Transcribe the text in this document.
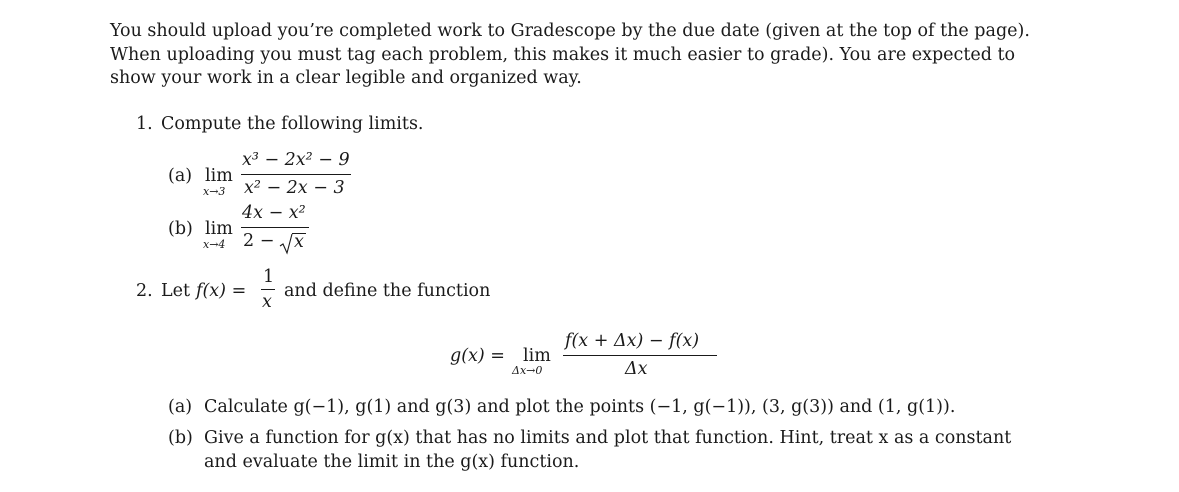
You should upload you’re completed work to Gradescope by the due date (given at the top of the page).
When uploading you must tag each problem, this makes it much easier to grade). You are expected to
show your work in a clear legible and organized way.
1. Compute the following limits.
(a) lim
x→3
x³ − 2x² − 9
x² − 2x − 3
(b) lim
x→4
4x − x²
2 − x
2. Let f(x) =
1
x
and define the function
g(x) = lim
Δx→0
f(x + Δx) − f(x)
Δx
(a) Calculate g(−1), g(1) and g(3) and plot the points (−1, g(−1)), (3, g(3)) and (1, g(1)).
(b) Give a function for g(x) that has no limits and plot that function. Hint, treat x as a constant
and evaluate the limit in the g(x) function.
